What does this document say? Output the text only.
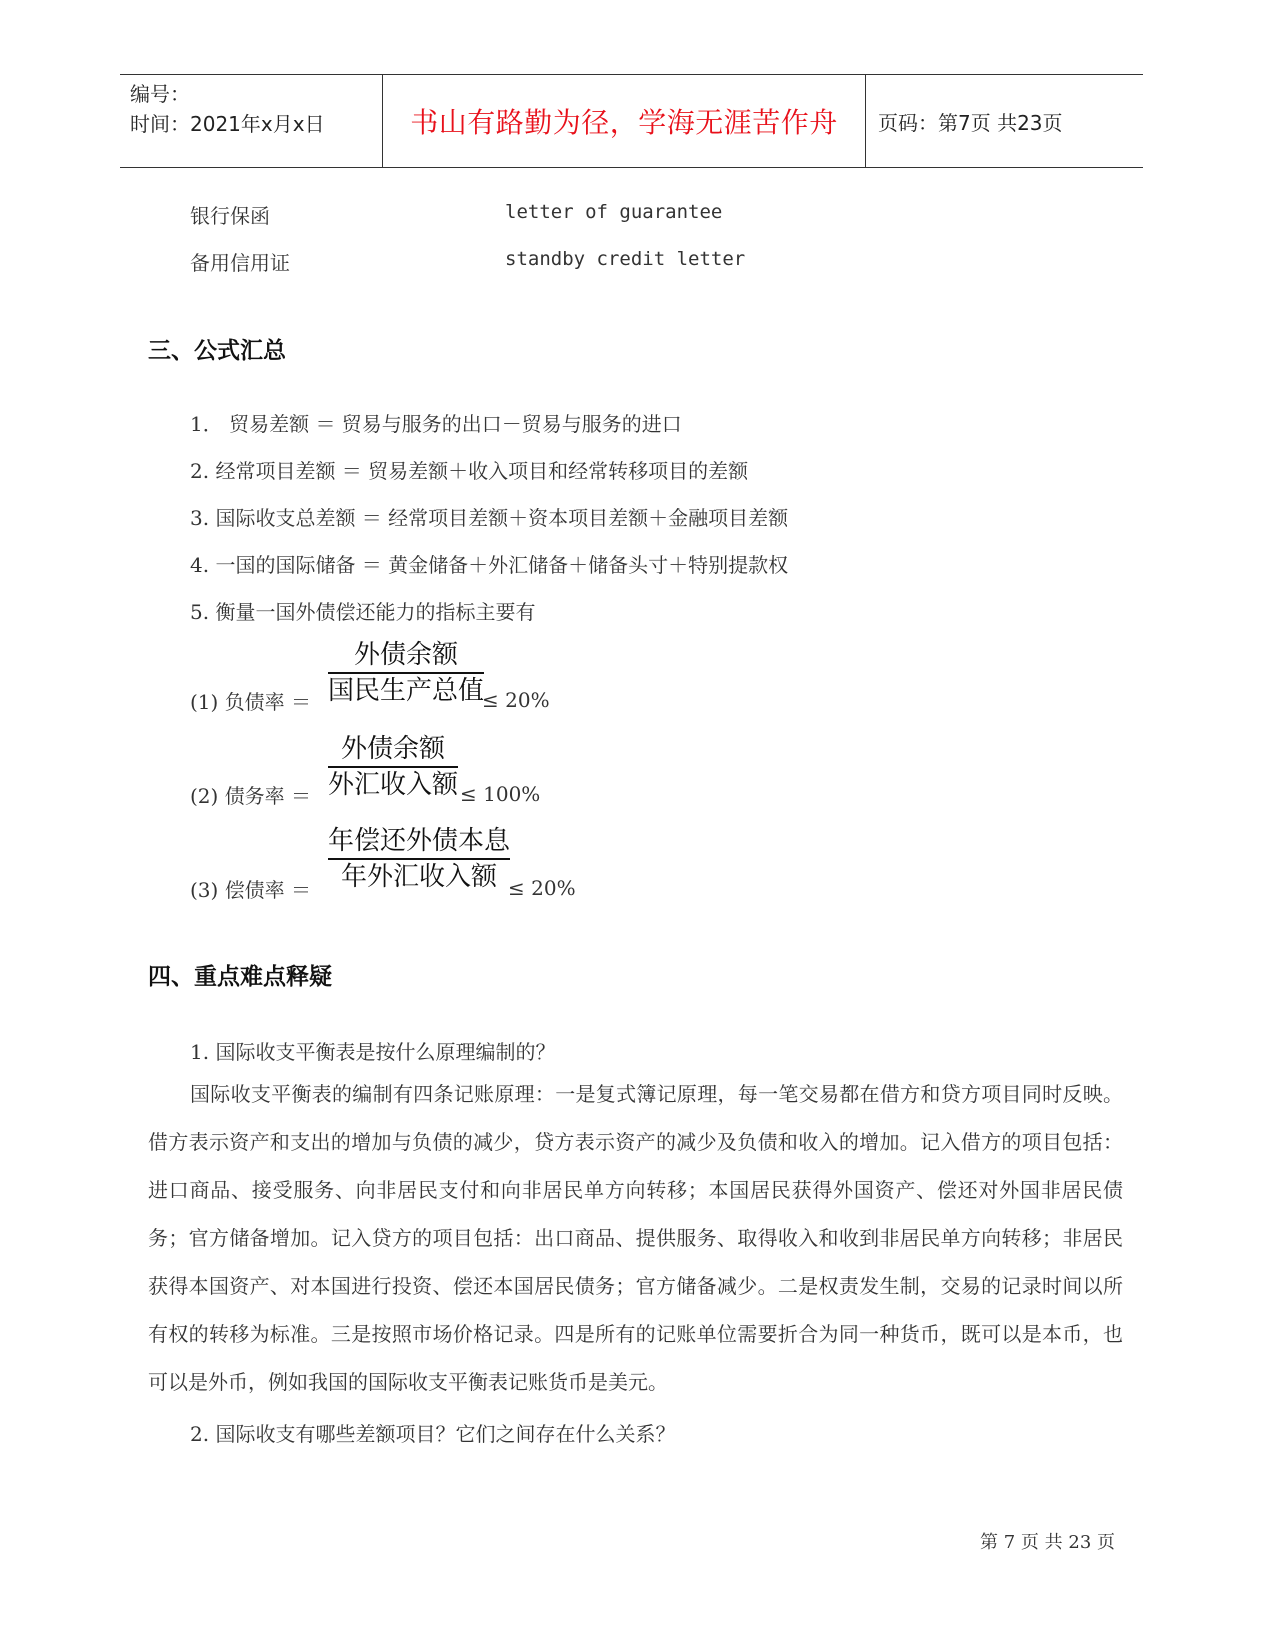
编号：
时间：2021年x月x日	书山有路勤为径，学海无涯苦作舟 页码：第7页 共23页
银行保函	letter of guarantee
备用信用证	standby credit letter
三、公式汇总
1． 贸易差额 ＝ 贸易与服务的出口－贸易与服务的进口
2. 经常项目差额 ＝ 贸易差额＋收入项目和经常转移项目的差额
3. 国际收支总差额 ＝ 经常项目差额＋资本项目差额＋金融项目差额
4. 一国的国际储备 ＝ 黄金储备＋外汇储备＋储备头寸＋特别提款权
5. 衡量一国外债偿还能力的指标主要有
(1) 负债率 ＝
外债余额
国民生产总值
≤ 20%
(2) 债务率 ＝
外债余额
外汇收入额 ≤ 100%
(3) 偿债率 ＝
年偿还外债本息
年外汇收入额 ≤ 20%
四、重点难点释疑
1. 国际收支平衡表是按什么原理编制的？
国际收支平衡表的编制有四条记账原理：一是复式簿记原理，每一笔交易都在借方和贷方项目同时反映。借方表示资产和支出的增加与负债的减少，贷方表示资产的减少及负债和收入的增加。记入借方的项目包括：进口商品、接受服务、向非居民支付和向非居民单方向转移；本国居民获得外国资产、偿还对外国非居民债务；官方储备增加。记入贷方的项目包括：出口商品、提供服务、取得收入和收到非居民单方向转移；非居民获得本国资产、对本国进行投资、偿还本国居民债务；官方储备减少。二是权责发生制，交易的记录时间以所有权的转移为标准。三是按照市场价格记录。四是所有的记账单位需要折合为同一种货币，既可以是本币，也可以是外币，例如我国的国际收支平衡表记账货币是美元。
2. 国际收支有哪些差额项目？它们之间存在什么关系？
第 7 页 共 23 页
